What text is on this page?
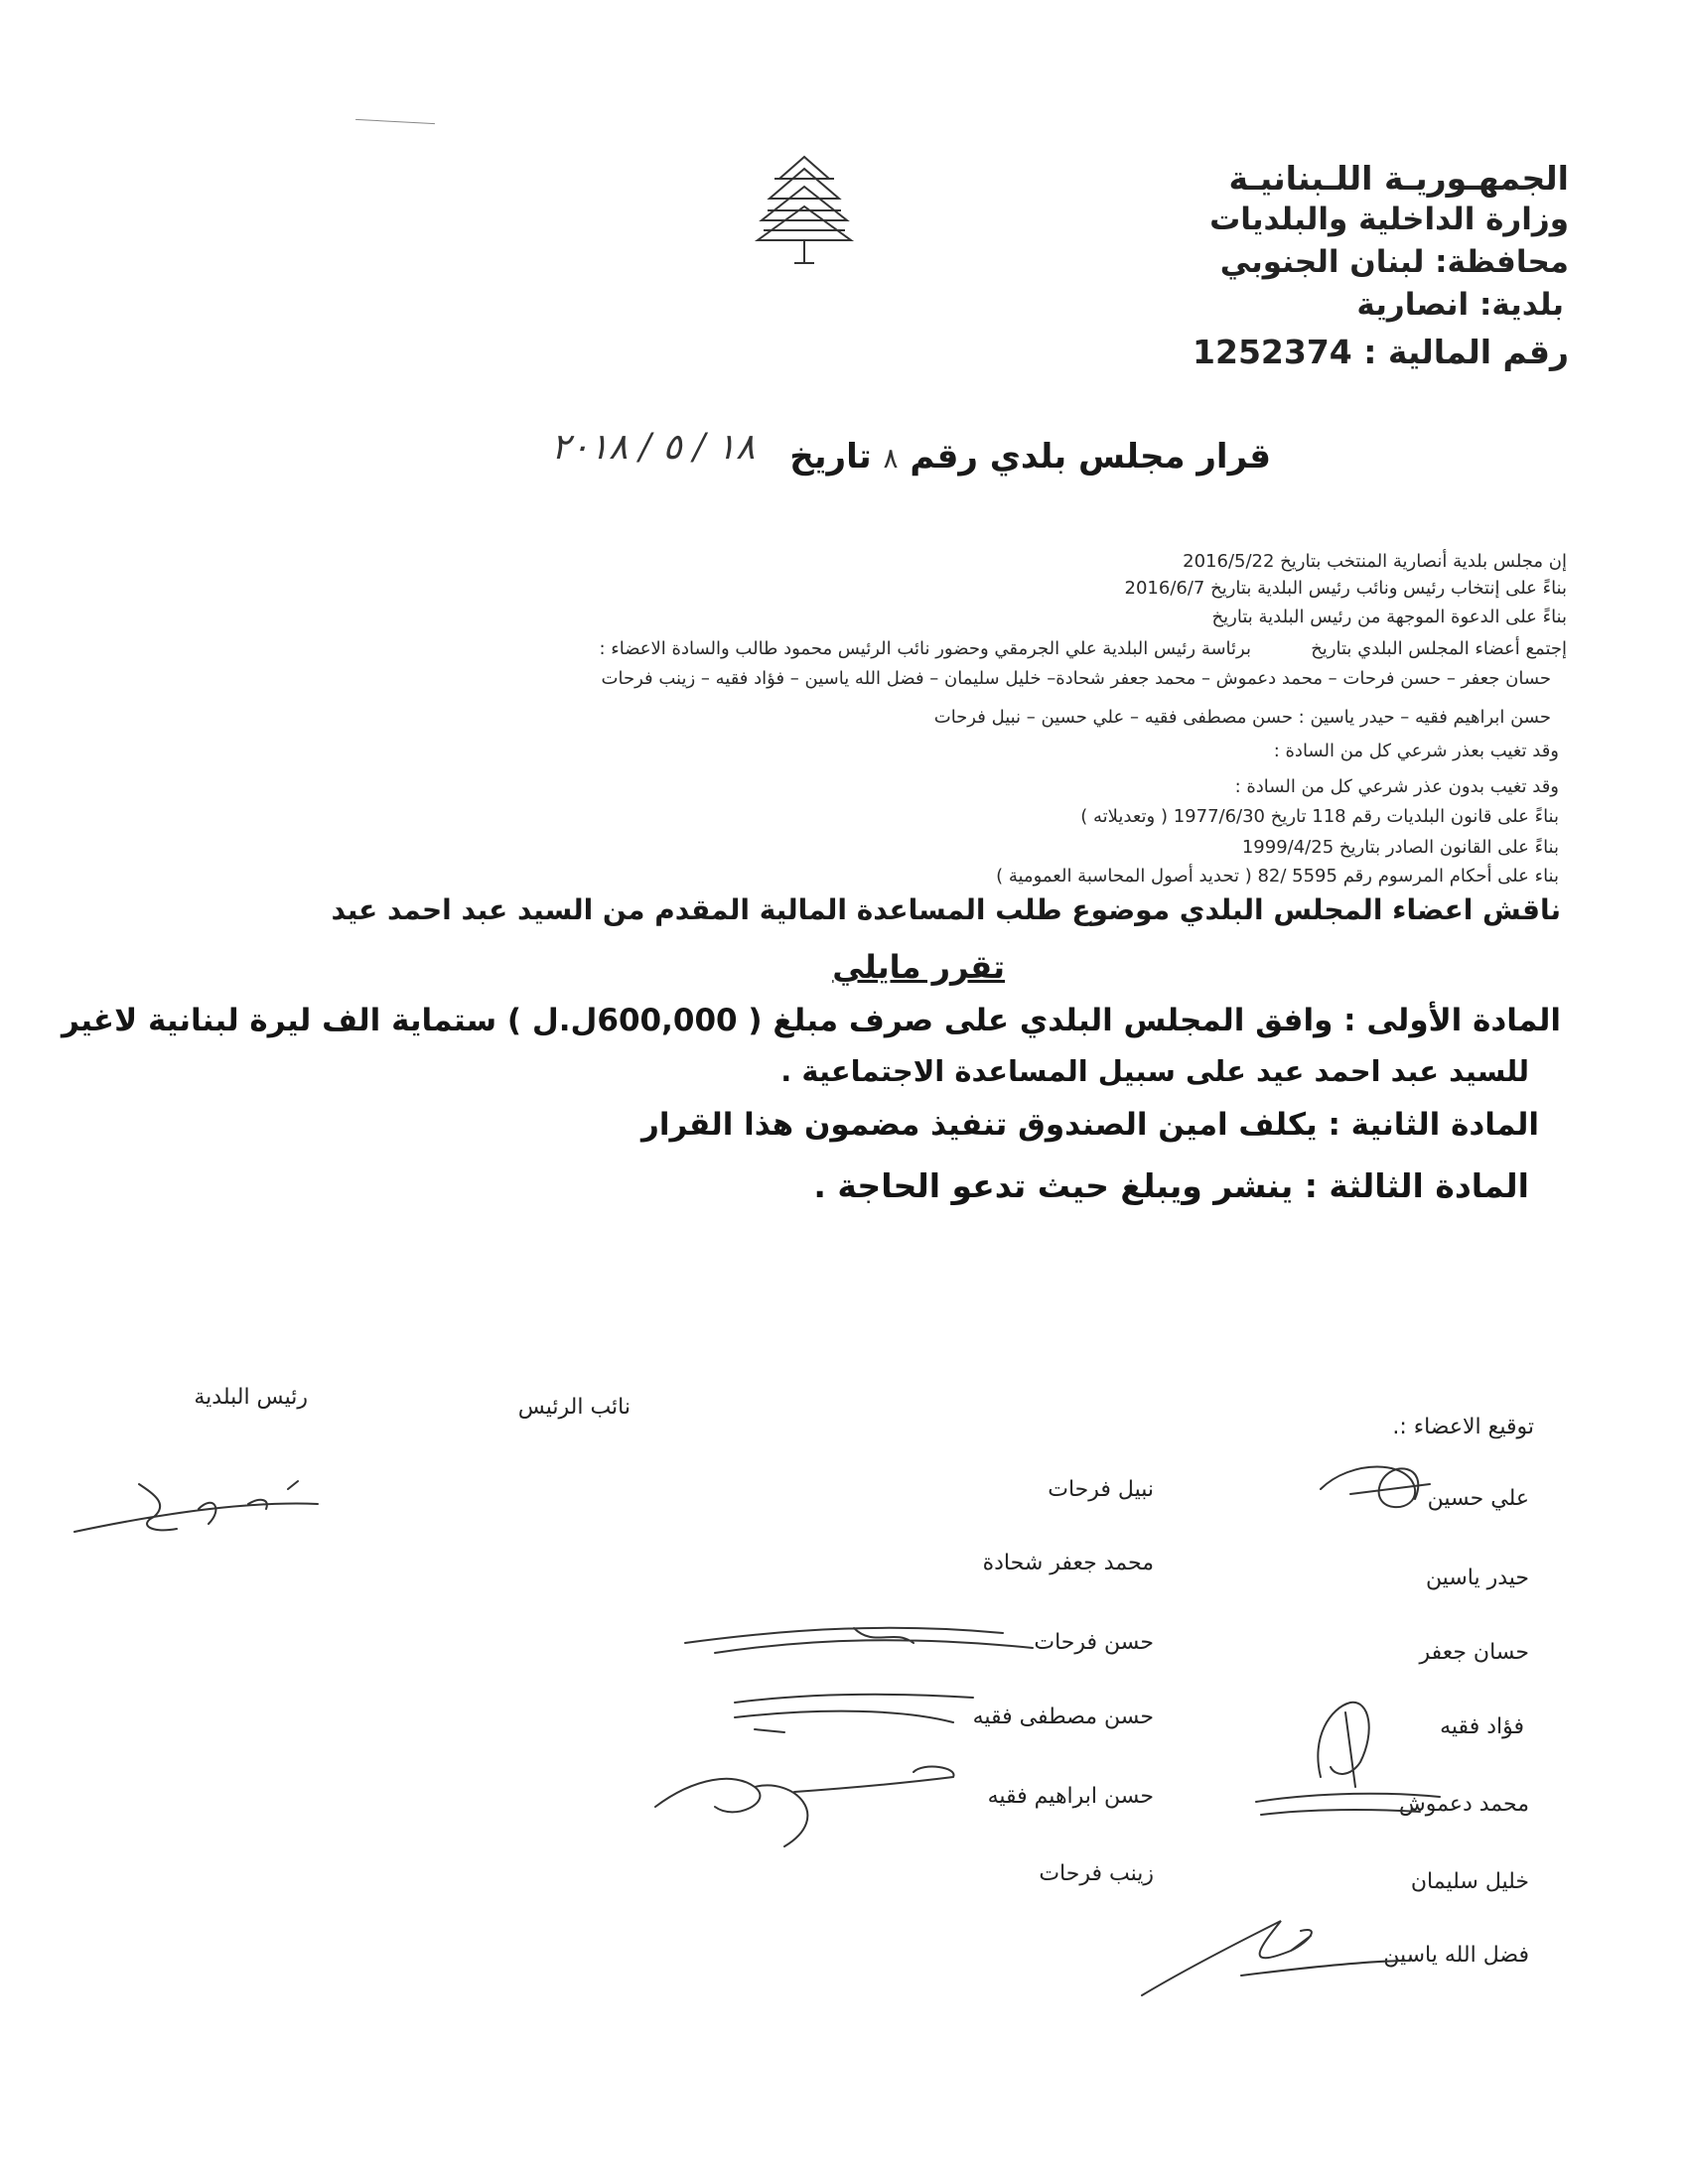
الجمهـوريـة اللـبنانيـة
وزارة الداخلية والبلديات
محافظة: لبنان الجنوبي
بلدية: انصارية
رقم المالية : 1252374
قرار مجلس بلدي رقم ٨ تاريخ
١٨ / ٥ / ٢٠١٨
إن مجلس بلدية أنصارية المنتخب بتاريخ 2016/5/22
بناءً على إنتخاب رئيس ونائب رئيس البلدية بتاريخ 2016/6/7
بناءً على الدعوة الموجهة من رئيس البلدية بتاريخ
إجتمع أعضاء المجلس البلدي بتاريخ
برئاسة رئيس البلدية علي الجرمقي وحضور نائب الرئيس محمود طالب والسادة الاعضاء :
حسان جعفر – حسن فرحات – محمد دعموش – محمد جعفر شحادة– خليل سليمان – فضل الله ياسين – فؤاد فقيه – زينب فرحات
حسن ابراهيم فقيه – حيدر ياسين : حسن مصطفى فقيه – علي حسين – نبيل فرحات
وقد تغيب بعذر شرعي كل من السادة :
وقد تغيب بدون عذر شرعي كل من السادة :
بناءً على قانون البلديات رقم 118 تاريخ 1977/6/30 ( وتعديلاته )
بناءً على القانون الصادر بتاريخ 1999/4/25
بناء على أحكام المرسوم رقم 5595 /82 ( تحديد أصول المحاسبة العمومية )
ناقش اعضاء المجلس البلدي موضوع طلب المساعدة المالية المقدم من السيد عبد احمد عيد
تقرر مايلي
المادة الأولى : وافق المجلس البلدي على صرف مبلغ ( 600,000ل.ل ) ستماية الف ليرة لبنانية لاغير
للسيد عبد احمد عيد على سبيل المساعدة الاجتماعية .
المادة الثانية : يكلف امين الصندوق تنفيذ مضمون هذا القرار
المادة الثالثة : ينشر ويبلغ حيث تدعو الحاجة .
رئيس البلدية	نائب الرئيس
توقيع الاعضاء :.
علي حسين
حيدر ياسين
حسان جعفر
فؤاد فقيه
محمد دعموش
خليل سليمان
فضل الله ياسين
نبيل فرحات
محمد جعفر شحادة
حسن فرحات
حسن مصطفى فقيه
حسن ابراهيم فقيه
زينب فرحات
